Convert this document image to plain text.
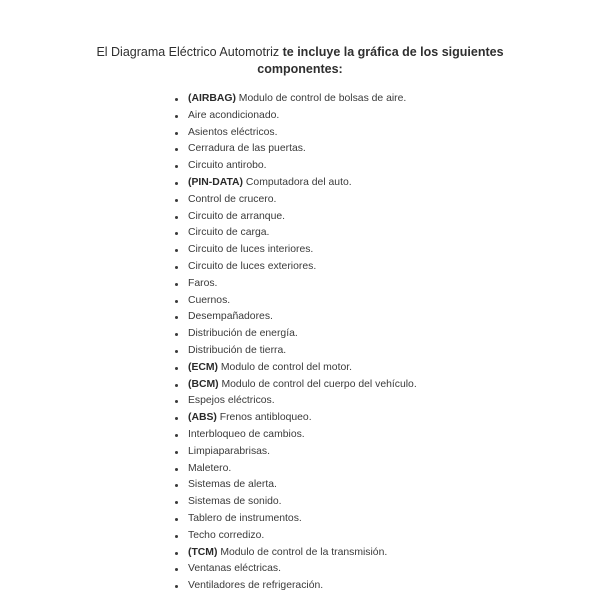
El Diagrama Eléctrico Automotriz te incluye la gráfica de los siguientes componentes:

(AIRBAG) Modulo de control de bolsas de aire.
Aire acondicionado.
Asientos eléctricos.
Cerradura de las puertas.
Circuito antirobo.
(PIN-DATA) Computadora del auto.
Control de crucero.
Circuito de arranque.
Circuito de carga.
Circuito de luces interiores.
Circuito de luces exteriores.
Faros.
Cuernos.
Desempañadores.
Distribución de energía.
Distribución de tierra.
(ECM) Modulo de control del motor.
(BCM) Modulo de control del cuerpo del vehículo.
Espejos eléctricos.
(ABS) Frenos antibloqueo.
Interbloqueo de cambios.
Limpiaparabrisas.
Maletero.
Sistemas de alerta.
Sistemas de sonido.
Tablero de instrumentos.
Techo corredizo.
(TCM) Modulo de control de la transmisión.
Ventanas eléctricas.
Ventiladores de refrigeración.
